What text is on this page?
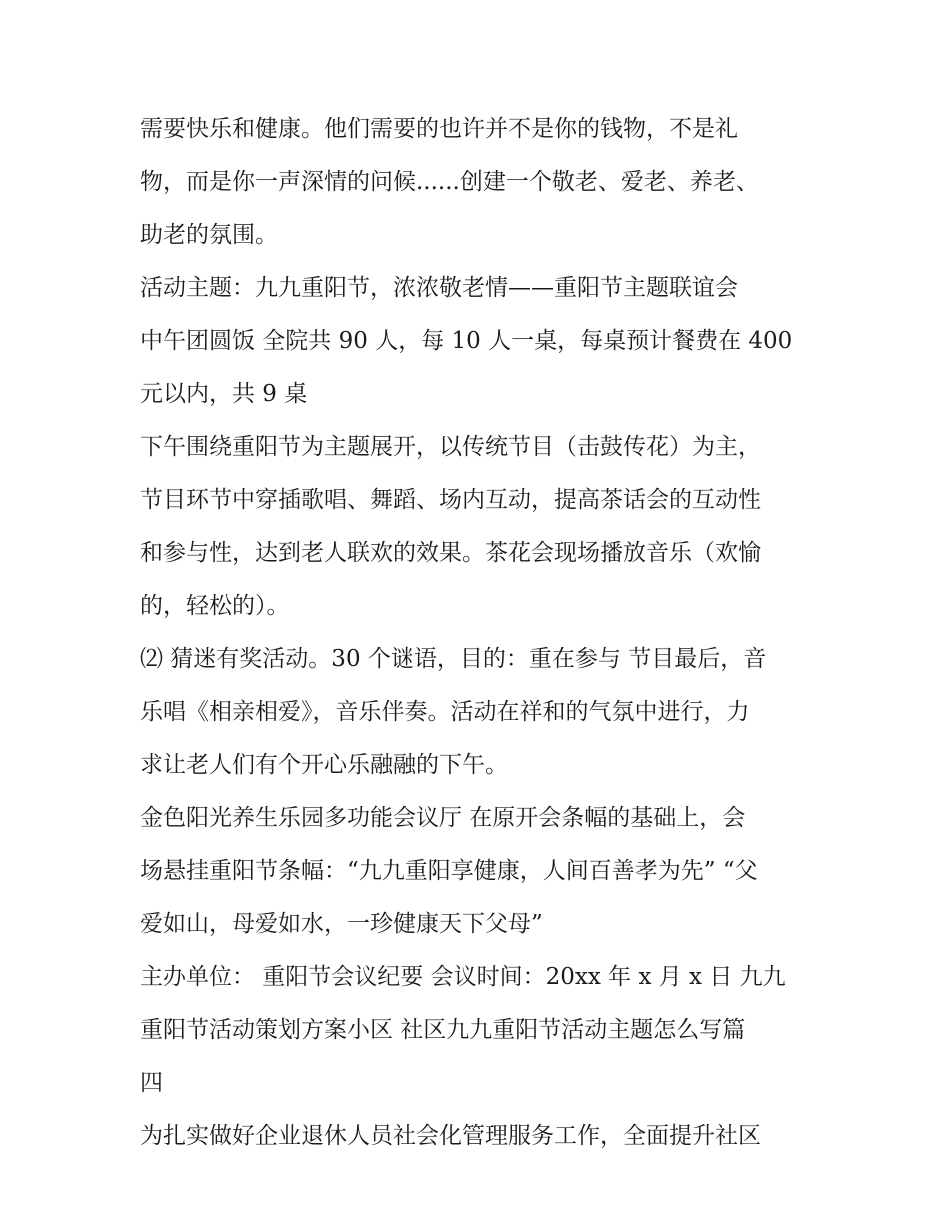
需要快乐和健康。他们需要的也许并不是你的钱物，不是礼
物，而是你一声深情的问候......创建一个敬老、爱老、养老、
助老的氛围。
活动主题：九九重阳节，浓浓敬老情——重阳节主题联谊会
中午团圆饭 全院共 90 人，每 10 人一桌，每桌预计餐费在 400
元以内，共 9 桌
下午围绕重阳节为主题展开，以传统节目（击鼓传花）为主，
节目环节中穿插歌唱、舞蹈、场内互动，提高茶话会的互动性
和参与性，达到老人联欢的效果。茶花会现场播放音乐（欢愉
的，轻松的）。
⑵ 猜迷有奖活动。30 个谜语，目的：重在参与 节目最后，音
乐唱《相亲相爱》，音乐伴奏。活动在祥和的气氛中进行，力
求让老人们有个开心乐融融的下午。
金色阳光养生乐园多功能会议厅 在原开会条幅的基础上，会
场悬挂重阳节条幅：“九九重阳享健康，人间百善孝为先” “父
爱如山，母爱如水，一珍健康天下父母”
主办单位： 重阳节会议纪要 会议时间：20xx 年 x 月 x 日 九九
重阳节活动策划方案小区 社区九九重阳节活动主题怎么写篇
四
为扎实做好企业退休人员社会化管理服务工作，全面提升社区
